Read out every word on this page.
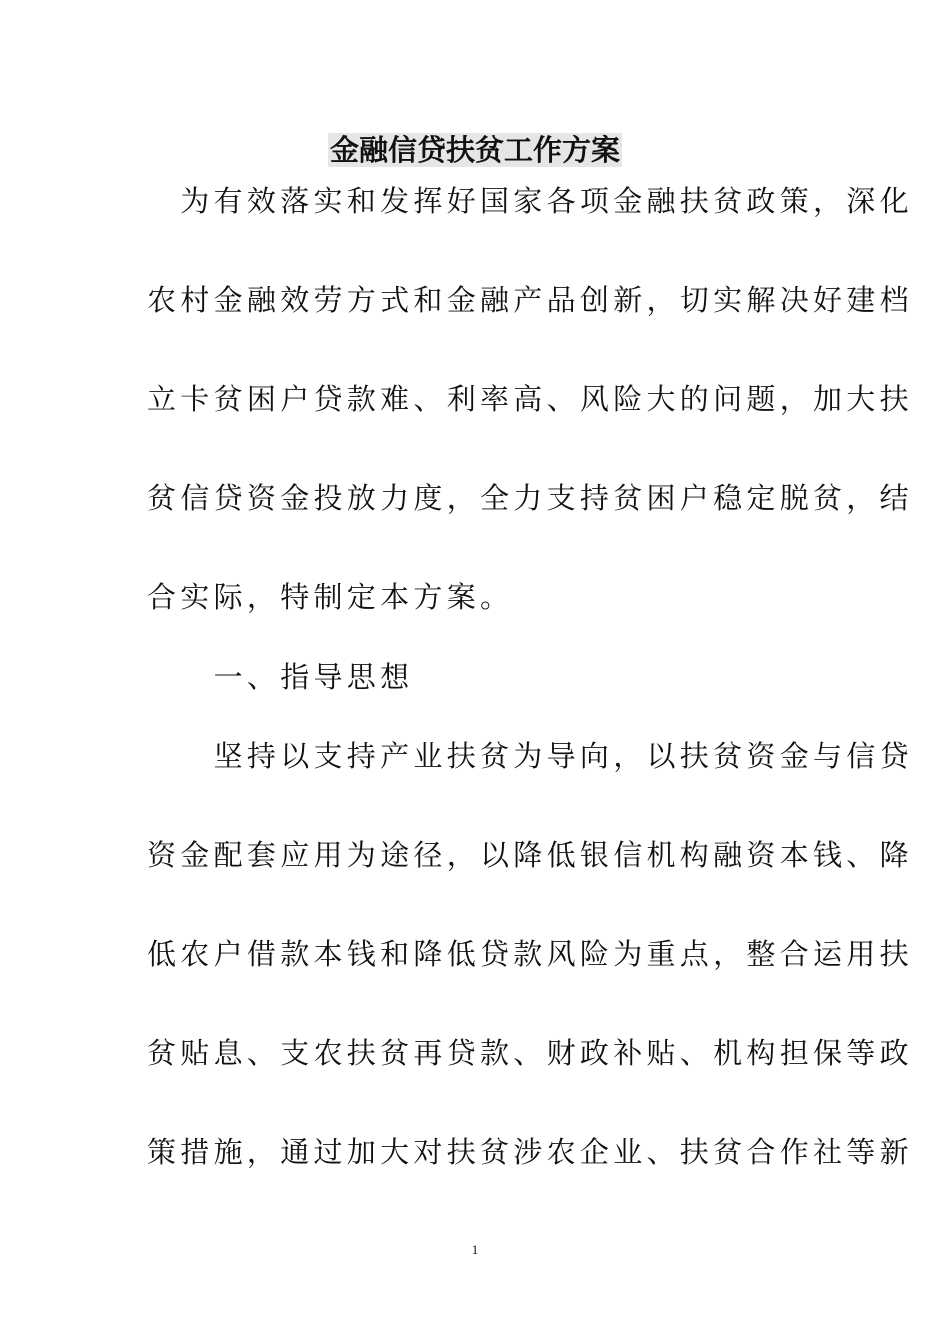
金融信贷扶贫工作方案
　为有效落实和发挥好国家各项金融扶贫政策，深化
农村金融效劳方式和金融产品创新，切实解决好建档
立卡贫困户贷款难、利率高、风险大的问题，加大扶
贫信贷资金投放力度，全力支持贫困户稳定脱贫，结
合实际，特制定本方案。
　　一、指导思想
　　坚持以支持产业扶贫为导向，以扶贫资金与信贷
资金配套应用为途径，以降低银信机构融资本钱、降
低农户借款本钱和降低贷款风险为重点，整合运用扶
贫贴息、支农扶贫再贷款、财政补贴、机构担保等政
策措施，通过加大对扶贫涉农企业、扶贫合作社等新
1
